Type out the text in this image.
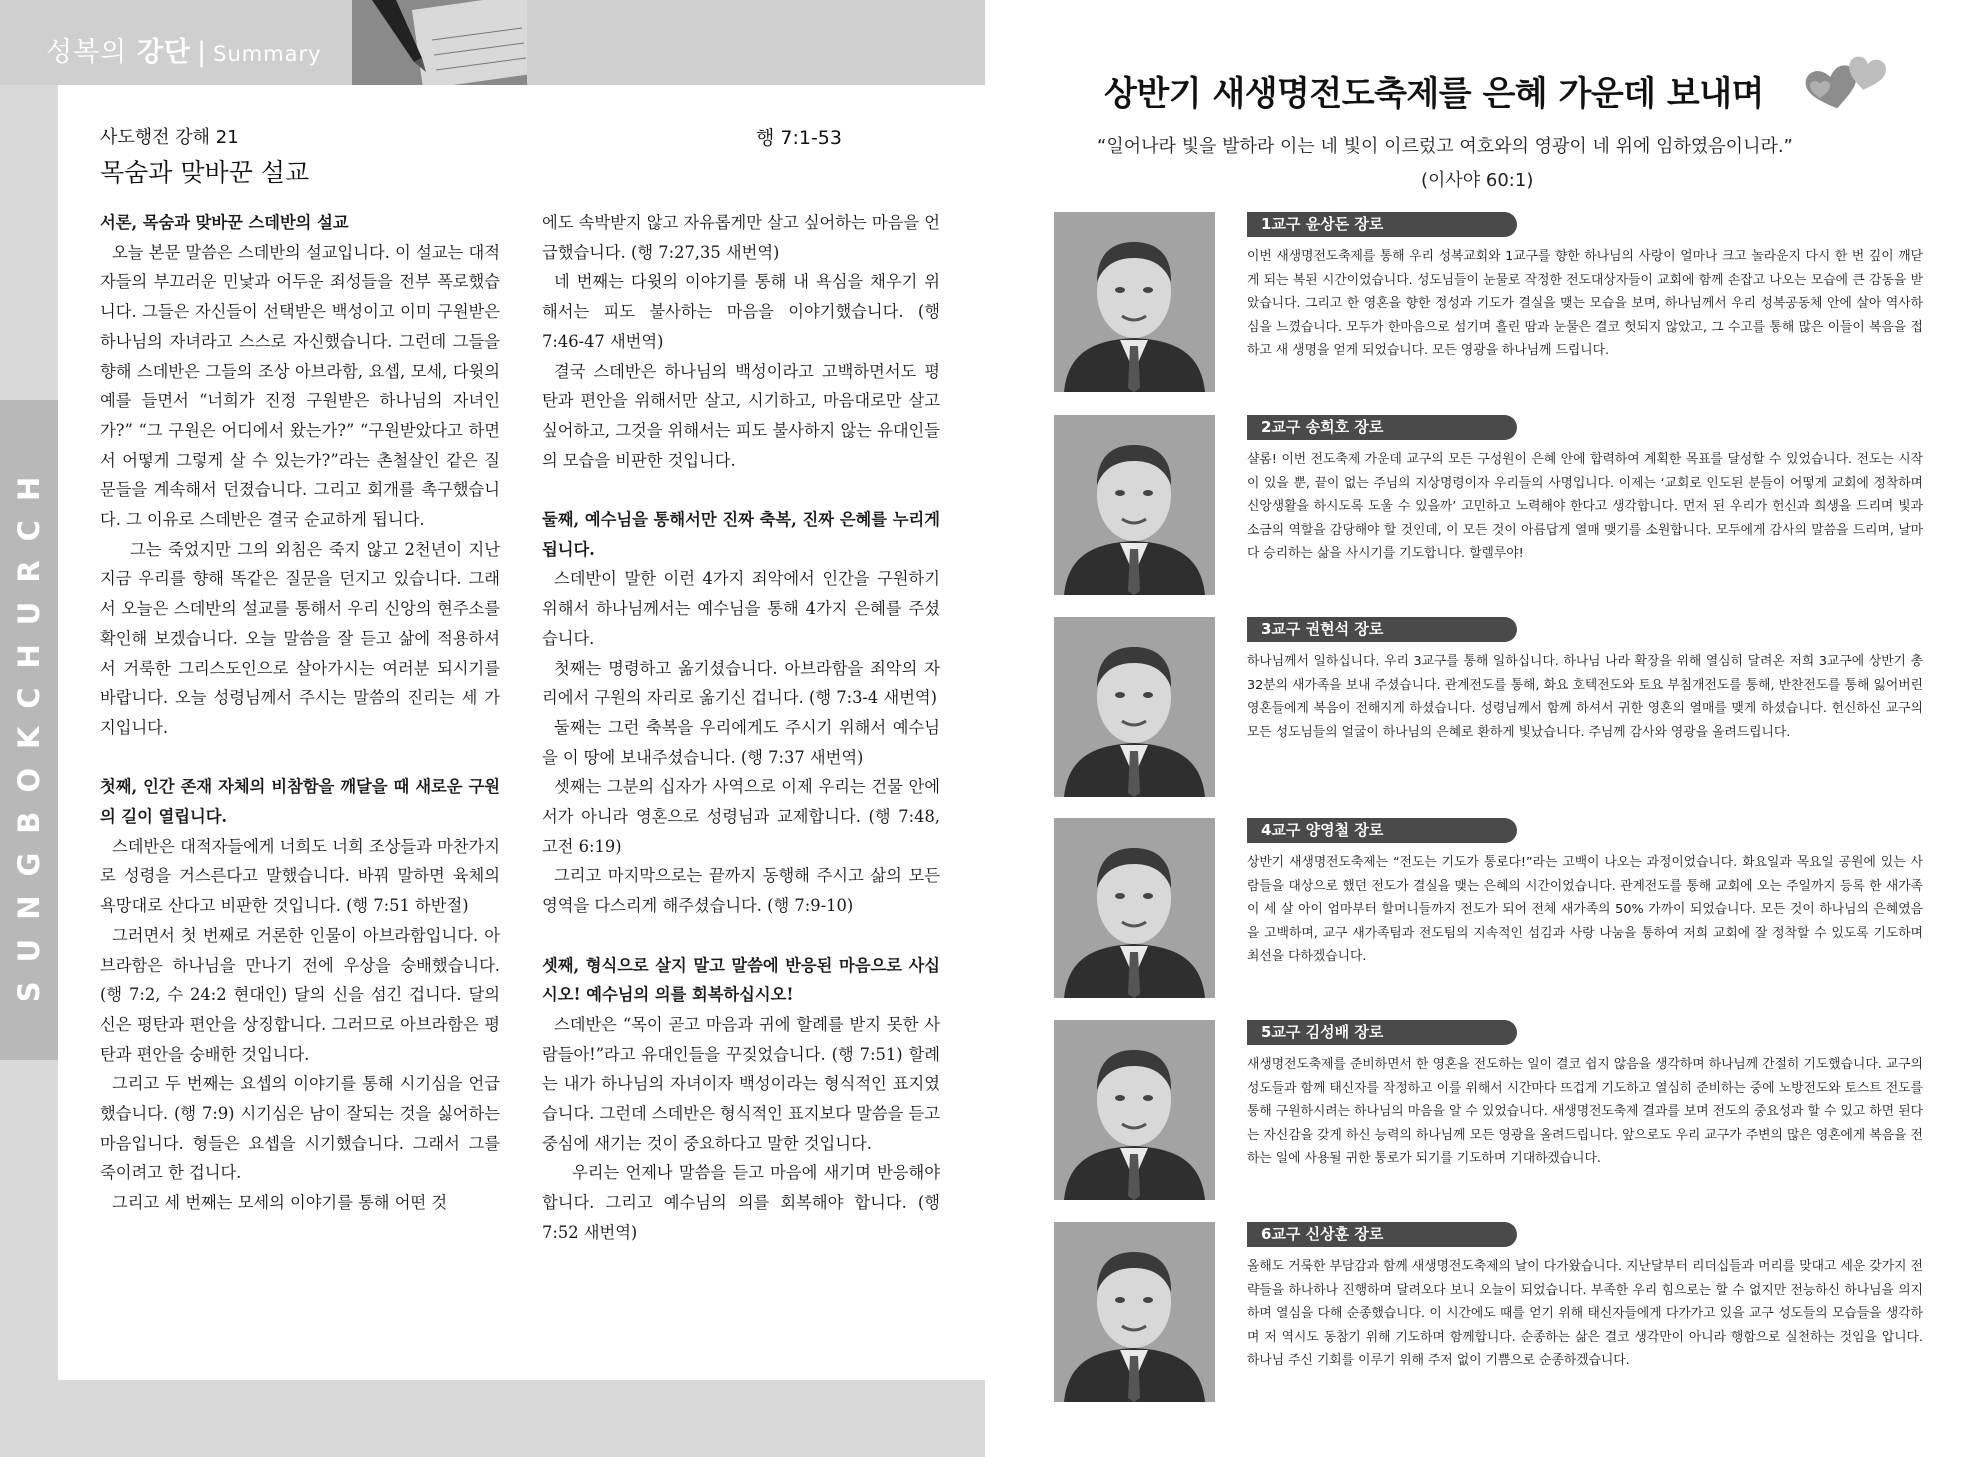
성복의 강단 | Summary
SUNGBOKCHURCH
사도행전 강해 21
목숨과 맞바꾼 설교
행 7:1-53

서론, 목숨과 맞바꾼 스데반의 설교

오늘 본문 말씀은 스데반의 설교입니다. 이 설교는 대적자들의 부끄러운 민낯과 어두운 죄성들을 전부 폭로했습니다. 그들은 자신들이 선택받은 백성이고 이미 구원받은 하나님의 자녀라고 스스로 자신했습니다. 그런데 그들을 향해 스데반은 그들의 조상 아브라함, 요셉, 모세, 다윗의 예를 들면서 “너희가 진정 구원받은 하나님의 자녀인가?” “그 구원은 어디에서 왔는가?” “구원받았다고 하면서 어떻게 그렇게 살 수 있는가?”라는 촌철살인 같은 질문들을 계속해서 던졌습니다. 그리고 회개를 촉구했습니다. 그 이유로 스데반은 결국 순교하게 됩니다.

그는 죽었지만 그의 외침은 죽지 않고 2천년이 지난 지금 우리를 향해 똑같은 질문을 던지고 있습니다. 그래서 오늘은 스데반의 설교를 통해서 우리 신앙의 현주소를 확인해 보겠습니다. 오늘 말씀을 잘 듣고 삶에 적용하셔서 거룩한 그리스도인으로 살아가시는 여러분 되시기를 바랍니다. 오늘 성령님께서 주시는 말씀의 진리는 세 가지입니다.

첫째, 인간 존재 자체의 비참함을 깨달을 때 새로운 구원의 길이 열립니다.

스데반은 대적자들에게 너희도 너희 조상들과 마찬가지로 성령을 거스른다고 말했습니다. 바꿔 말하면 육체의 욕망대로 산다고 비판한 것입니다. (행 7:51 하반절)

그러면서 첫 번째로 거론한 인물이 아브라함입니다. 아브라함은 하나님을 만나기 전에 우상을 숭배했습니다. (행 7:2, 수 24:2 현대인) 달의 신을 섬긴 겁니다. 달의 신은 평탄과 편안을 상징합니다. 그러므로 아브라함은 평탄과 편안을 숭배한 것입니다.

그리고 두 번째는 요셉의 이야기를 통해 시기심을 언급했습니다. (행 7:9) 시기심은 남이 잘되는 것을 싫어하는 마음입니다. 형들은 요셉을 시기했습니다. 그래서 그를 죽이려고 한 겁니다.

그리고 세 번째는 모세의 이야기를 통해 어떤 것

에도 속박받지 않고 자유롭게만 살고 싶어하는 마음을 언급했습니다. (행 7:27,35 새번역)

네 번째는 다윗의 이야기를 통해 내 욕심을 채우기 위해서는 피도 불사하는 마음을 이야기했습니다. (행 7:46-47 새번역)

결국 스데반은 하나님의 백성이라고 고백하면서도 평탄과 편안을 위해서만 살고, 시기하고, 마음대로만 살고 싶어하고, 그것을 위해서는 피도 불사하지 않는 유대인들의 모습을 비판한 것입니다.

둘째, 예수님을 통해서만 진짜 축복, 진짜 은혜를 누리게 됩니다.

스데반이 말한 이런 4가지 죄악에서 인간을 구원하기 위해서 하나님께서는 예수님을 통해 4가지 은혜를 주셨습니다.

첫째는 명령하고 옮기셨습니다. 아브라함을 죄악의 자리에서 구원의 자리로 옮기신 겁니다. (행 7:3-4 새번역)

둘째는 그런 축복을 우리에게도 주시기 위해서 예수님을 이 땅에 보내주셨습니다. (행 7:37 새번역)

셋째는 그분의 십자가 사역으로 이제 우리는 건물 안에서가 아니라 영혼으로 성령님과 교제합니다. (행 7:48, 고전 6:19)

그리고 마지막으로는 끝까지 동행해 주시고 삶의 모든 영역을 다스리게 해주셨습니다. (행 7:9-10)

셋째, 형식으로 살지 말고 말씀에 반응된 마음으로 사십시오! 예수님의 의를 회복하십시오!

스데반은 “목이 곧고 마음과 귀에 할례를 받지 못한 사람들아!”라고 유대인들을 꾸짖었습니다. (행 7:51) 할례는 내가 하나님의 자녀이자 백성이라는 형식적인 표지였습니다. 그런데 스데반은 형식적인 표지보다 말씀을 듣고 중심에 새기는 것이 중요하다고 말한 것입니다.

우리는 언제나 말씀을 듣고 마음에 새기며 반응해야 합니다. 그리고 예수님의 의를 회복해야 합니다. (행 7:52 새번역)

상반기 새생명전도축제를 은혜 가운데 보내며
“일어나라 빛을 발하라 이는 네 빛이 이르렀고 여호와의 영광이 네 위에 임하였음이니라.”
(이사야 60:1)
1교구 윤상돈 장로
이번 새생명전도축제를 통해 우리 성복교회와 1교구를 향한 하나님의 사랑이 얼마나 크고 놀라운지 다시 한 번 깊이 깨닫게 되는 복된 시간이었습니다. 성도님들이 눈물로 작정한 전도대상자들이 교회에 함께 손잡고 나오는 모습에 큰 감동을 받았습니다. 그리고 한 영혼을 향한 정성과 기도가 결실을 맺는 모습을 보며, 하나님께서 우리 성복공동체 안에 살아 역사하심을 느꼈습니다. 모두가 한마음으로 섬기며 흘린 땀과 눈물은 결코 헛되지 않았고, 그 수고를 통해 많은 이들이 복음을 접하고 새 생명을 얻게 되었습니다. 모든 영광을 하나님께 드립니다.
2교구 송희호 장로
샬롬! 이번 전도축제 가운데 교구의 모든 구성원이 은혜 안에 합력하여 계획한 목표를 달성할 수 있었습니다. 전도는 시작이 있을 뿐, 끝이 없는 주님의 지상명령이자 우리들의 사명입니다. 이제는 ‘교회로 인도된 분들이 어떻게 교회에 정착하며 신앙생활을 하시도록 도울 수 있을까’ 고민하고 노력해야 한다고 생각합니다. 먼저 된 우리가 헌신과 희생을 드리며 빛과 소금의 역할을 감당해야 할 것인데, 이 모든 것이 아름답게 열매 맺기를 소원합니다. 모두에게 감사의 말씀을 드리며, 날마다 승리하는 삶을 사시기를 기도합니다. 할렐루야!
3교구 권현석 장로
하나님께서 일하십니다. 우리 3교구를 통해 일하십니다. 하나님 나라 확장을 위해 열심히 달려온 저희 3교구에 상반기 총 32분의 새가족을 보내 주셨습니다. 관계전도를 통해, 화요 호텍전도와 토요 부침개전도를 통해, 반찬전도를 통해 잃어버린 영혼들에게 복음이 전해지게 하셨습니다. 성령님께서 함께 하셔서 귀한 영혼의 열매를 맺게 하셨습니다. 헌신하신 교구의 모든 성도님들의 얼굴이 하나님의 은혜로 환하게 빛났습니다. 주님께 감사와 영광을 올려드립니다.
4교구 양영철 장로
상반기 새생명전도축제는 “전도는 기도가 통로다!”라는 고백이 나오는 과정이었습니다. 화요일과 목요일 공원에 있는 사람들을 대상으로 했던 전도가 결실을 맺는 은혜의 시간이었습니다. 관계전도를 통해 교회에 오는 주일까지 등록 한 새가족이 세 살 아이 엄마부터 할머니들까지 전도가 되어 전체 새가족의 50% 가까이 되었습니다. 모든 것이 하나님의 은혜였음을 고백하며, 교구 새가족팀과 전도팀의 지속적인 섬김과 사랑 나눔을 통하여 저희 교회에 잘 정착할 수 있도록 기도하며 최선을 다하겠습니다.
5교구 김성배 장로
새생명전도축제를 준비하면서 한 영혼을 전도하는 일이 결코 쉽지 않음을 생각하며 하나님께 간절히 기도했습니다. 교구의 성도들과 함께 태신자를 작정하고 이를 위해서 시간마다 뜨겁게 기도하고 열심히 준비하는 중에 노방전도와 토스트 전도를 통해 구원하시려는 하나님의 마음을 알 수 있었습니다. 새생명전도축제 결과를 보며 전도의 중요성과 할 수 있고 하면 된다는 자신감을 갖게 하신 능력의 하나님께 모든 영광을 올려드립니다. 앞으로도 우리 교구가 주변의 많은 영혼에게 복음을 전하는 일에 사용될 귀한 통로가 되기를 기도하며 기대하겠습니다.
6교구 신상훈 장로
올해도 거룩한 부담감과 함께 새생명전도축제의 날이 다가왔습니다. 지난달부터 리더십들과 머리를 맞대고 세운 갖가지 전략들을 하나하나 진행하며 달려오다 보니 오늘이 되었습니다. 부족한 우리 힘으로는 할 수 없지만 전능하신 하나님을 의지하며 열심을 다해 순종했습니다. 이 시간에도 때를 얻기 위해 태신자들에게 다가가고 있을 교구 성도들의 모습들을 생각하며 저 역시도 동참기 위해 기도하며 함께합니다. 순종하는 삶은 결코 생각만이 아니라 행함으로 실천하는 것임을 압니다. 하나님 주신 기회를 이루기 위해 주저 없이 기쁨으로 순종하겠습니다.
